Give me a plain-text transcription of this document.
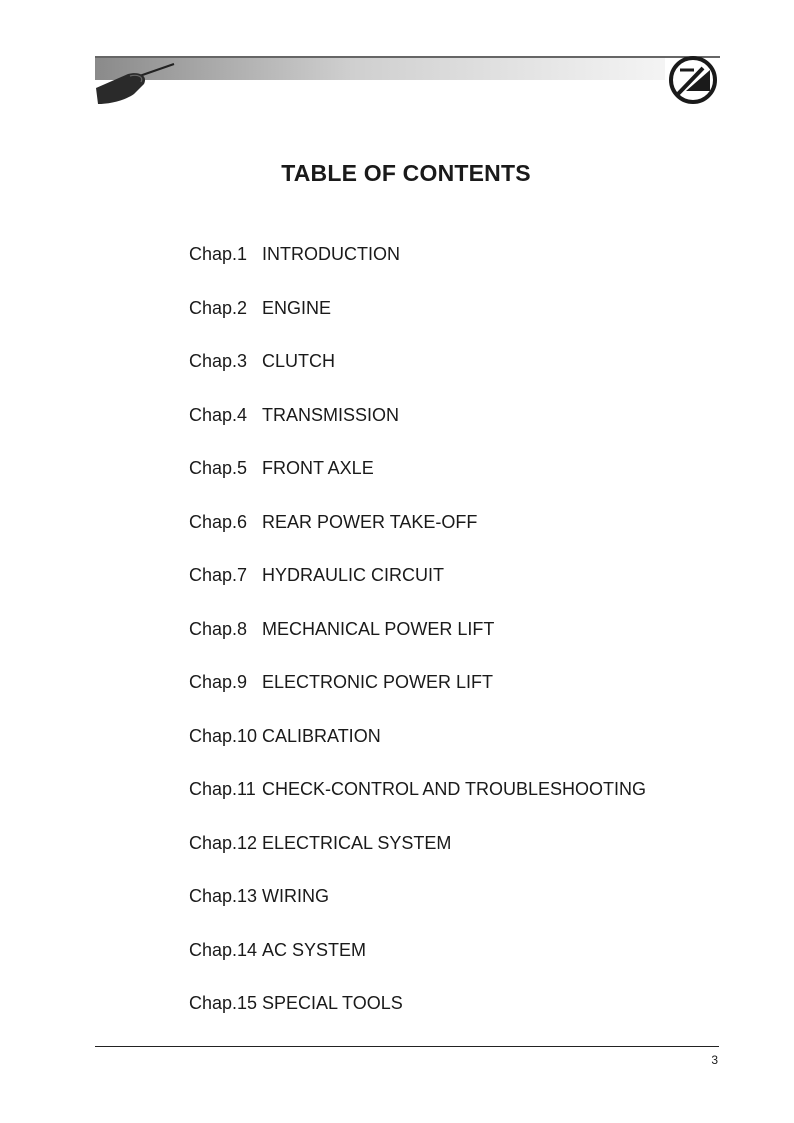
TABLE OF CONTENTS
Chap.1 INTRODUCTION
Chap.2 ENGINE
Chap.3 CLUTCH
Chap.4 TRANSMISSION
Chap.5 FRONT AXLE
Chap.6 REAR POWER TAKE-OFF
Chap.7 HYDRAULIC CIRCUIT
Chap.8 MECHANICAL POWER LIFT
Chap.9 ELECTRONIC POWER LIFT
Chap.10 CALIBRATION
Chap.11 CHECK-CONTROL AND TROUBLESHOOTING
Chap.12 ELECTRICAL SYSTEM
Chap.13 WIRING
Chap.14 AC SYSTEM
Chap.15 SPECIAL TOOLS
3
